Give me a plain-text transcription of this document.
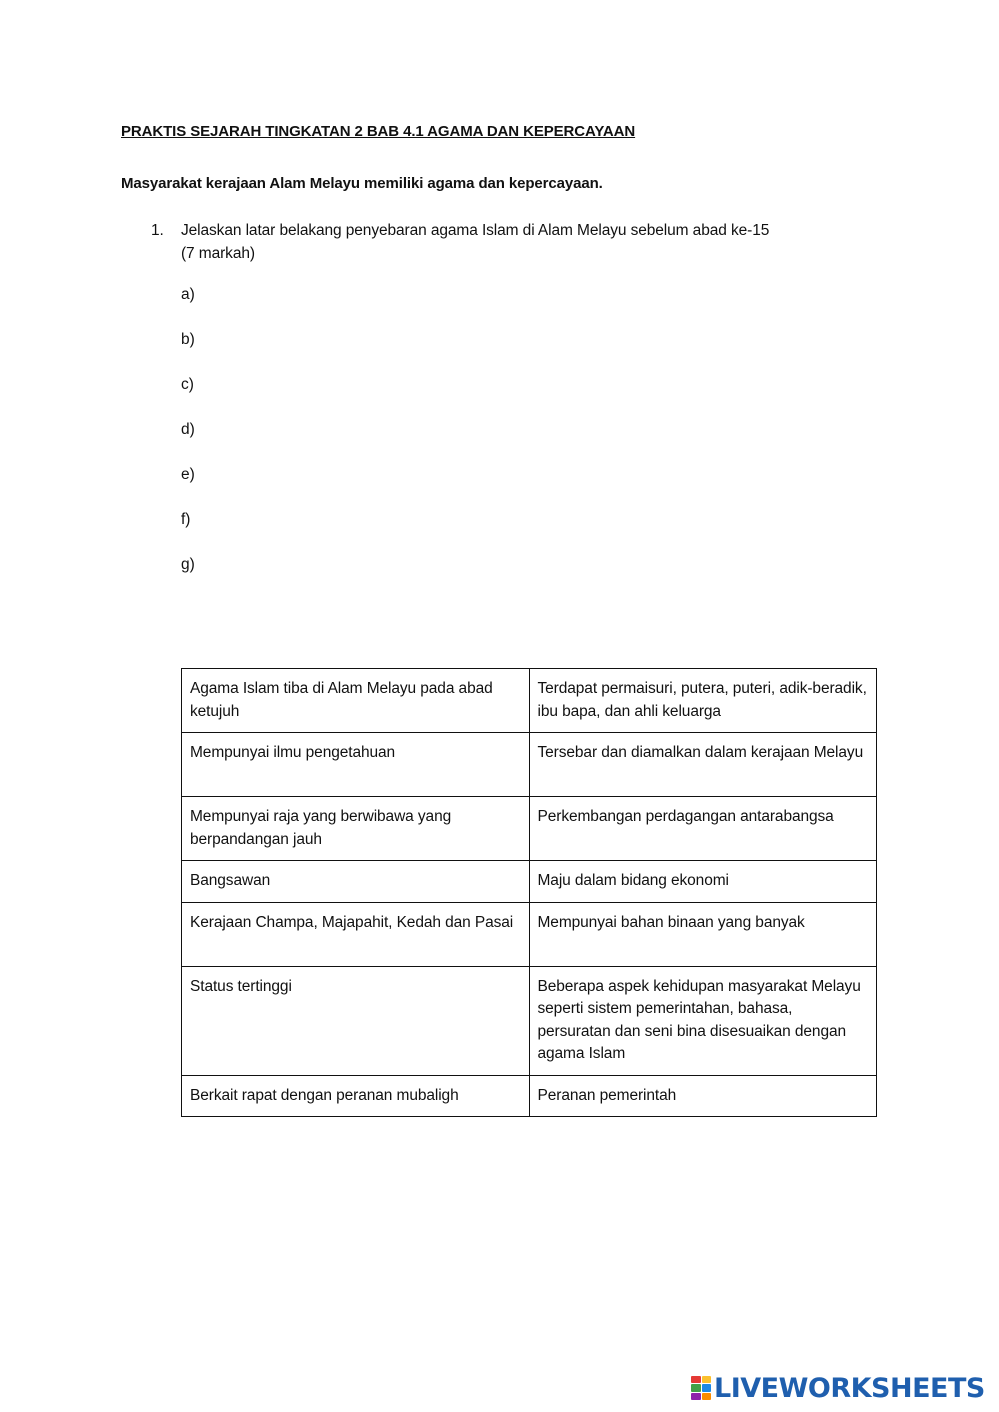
PRAKTIS SEJARAH TINGKATAN 2 BAB 4.1 AGAMA DAN KEPERCAYAAN
Masyarakat kerajaan Alam Melayu memiliki agama dan kepercayaan.
1. Jelaskan latar belakang penyebaran agama Islam di Alam Melayu sebelum abad ke-15
(7 markah)
a)
b)
c)
d)
e)
f)
g)
Agama Islam tiba di Alam Melayu pada abad ketujuh	Terdapat permaisuri, putera, puteri, adik-beradik, ibu bapa, dan ahli keluarga
Mempunyai ilmu pengetahuan	Tersebar dan diamalkan dalam kerajaan Melayu
Mempunyai raja yang berwibawa yang berpandangan jauh	Perkembangan perdagangan antarabangsa
Bangsawan	Maju dalam bidang ekonomi
Kerajaan Champa, Majapahit, Kedah dan Pasai	Mempunyai bahan binaan yang banyak
Status tertinggi	Beberapa aspek kehidupan masyarakat Melayu seperti sistem pemerintahan, bahasa, persuratan dan seni bina disesuaikan dengan agama Islam
Berkait rapat dengan peranan mubaligh	Peranan pemerintah
LIVEWORKSHEETS
